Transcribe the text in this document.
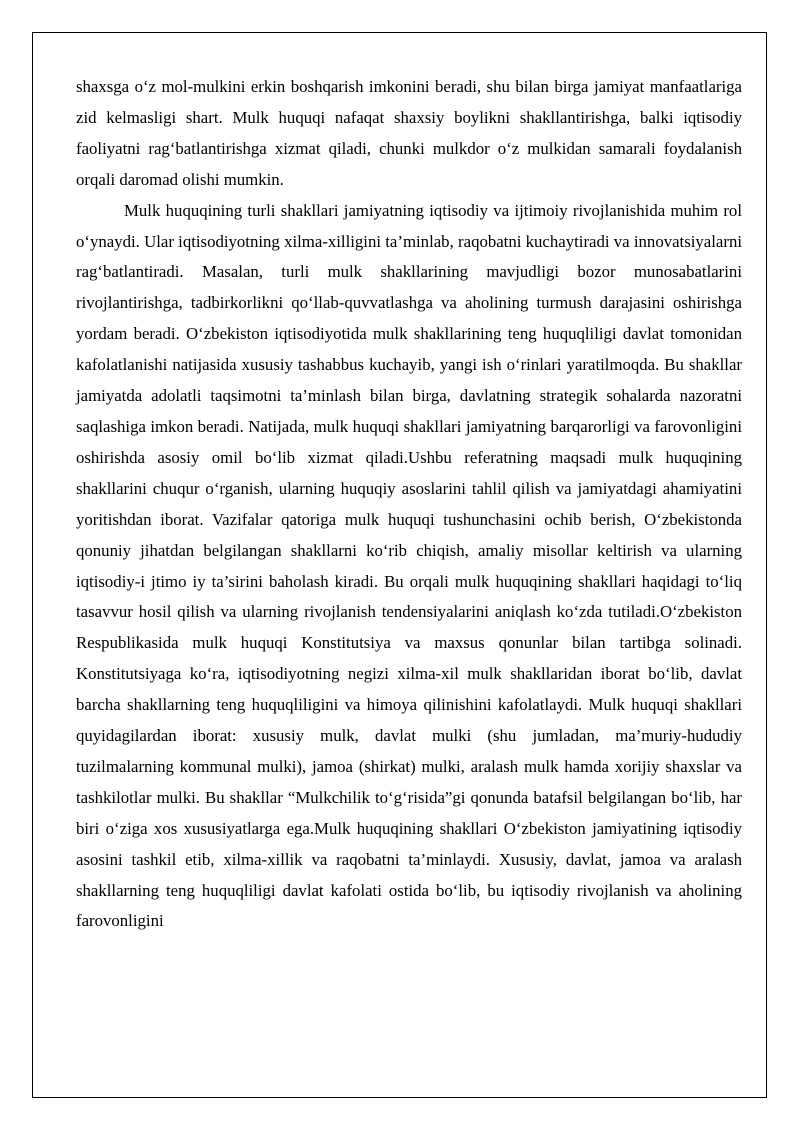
shaxsga o‘z mol-mulkini erkin boshqarish imkonini beradi, shu bilan birga jamiyat manfaatlariga zid kelmasligi shart. Mulk huquqi nafaqat shaxsiy boylikni shakllantirishga, balki iqtisodiy faoliyatni rag‘batlantirishga xizmat qiladi, chunki mulkdor o‘z mulkidan samarali foydalanish orqali daromad olishi mumkin.

Mulk huquqining turli shakllari jamiyatning iqtisodiy va ijtimoiy rivojlanishida muhim rol o‘ynaydi. Ular iqtisodiyotning xilma-xilligini ta’minlab, raqobatni kuchaytiradi va innovatsiyalarni rag‘batlantiradi. Masalan, turli mulk shakllarining mavjudligi bozor munosabatlarini rivojlantirishga, tadbirkorlikni qo‘llab-quvvatlashga va aholining turmush darajasini oshirishga yordam beradi. O‘zbekiston iqtisodiyotida mulk shakllarining teng huquqliligi davlat tomonidan kafolatlanishi natijasida xususiy tashabbus kuchayib, yangi ish o‘rinlari yaratilmoqda. Bu shakllar jamiyatda adolatli taqsimotni ta’minlash bilan birga, davlatning strategik sohalarda nazoratni saqlashiga imkon beradi. Natijada, mulk huquqi shakllari jamiyatning barqarorligi va farovonligini oshirishda asosiy omil bo‘lib xizmat qiladi.Ushbu referatning maqsadi mulk huquqining shakllarini chuqur o‘rganish, ularning huquqiy asoslarini tahlil qilish va jamiyatdagi ahamiyatini yoritishdan iborat. Vazifalar qatoriga mulk huquqi tushunchasini ochib berish, O‘zbekistonda qonuniy jihatdan belgilangan shakllarni ko‘rib chiqish, amaliy misollar keltirish va ularning iqtisodiy-i jtimo iy ta’sirini baholash kiradi. Bu orqali mulk huquqining shakllari haqidagi to‘liq tasavvur hosil qilish va ularning rivojlanish tendensiyalarini aniqlash ko‘zda tutiladi.O‘zbekiston Respublikasida mulk huquqi Konstitutsiya va maxsus qonunlar bilan tartibga solinadi. Konstitutsiyaga ko‘ra, iqtisodiyotning negizi xilma-xil mulk shakllaridan iborat bo‘lib, davlat barcha shakllarning teng huquqliligini va himoya qilinishini kafolatlaydi. Mulk huquqi shakllari quyidagilardan iborat: xususiy mulk, davlat mulki (shu jumladan, ma’muriy-hududiy tuzilmalarning kommunal mulki), jamoa (shirkat) mulki, aralash mulk hamda xorijiy shaxslar va tashkilotlar mulki. Bu shakllar “Mulkchilik to‘g‘risida”gi qonunda batafsil belgilangan bo‘lib, har biri o‘ziga xos xususiyatlarga ega.Mulk huquqining shakllari O‘zbekiston jamiyatining iqtisodiy asosini tashkil etib, xilma-xillik va raqobatni ta’minlaydi. Xususiy, davlat, jamoa va aralash shakllarning teng huquqliligi davlat kafolati ostida bo‘lib, bu iqtisodiy rivojlanish va aholining farovonligini
